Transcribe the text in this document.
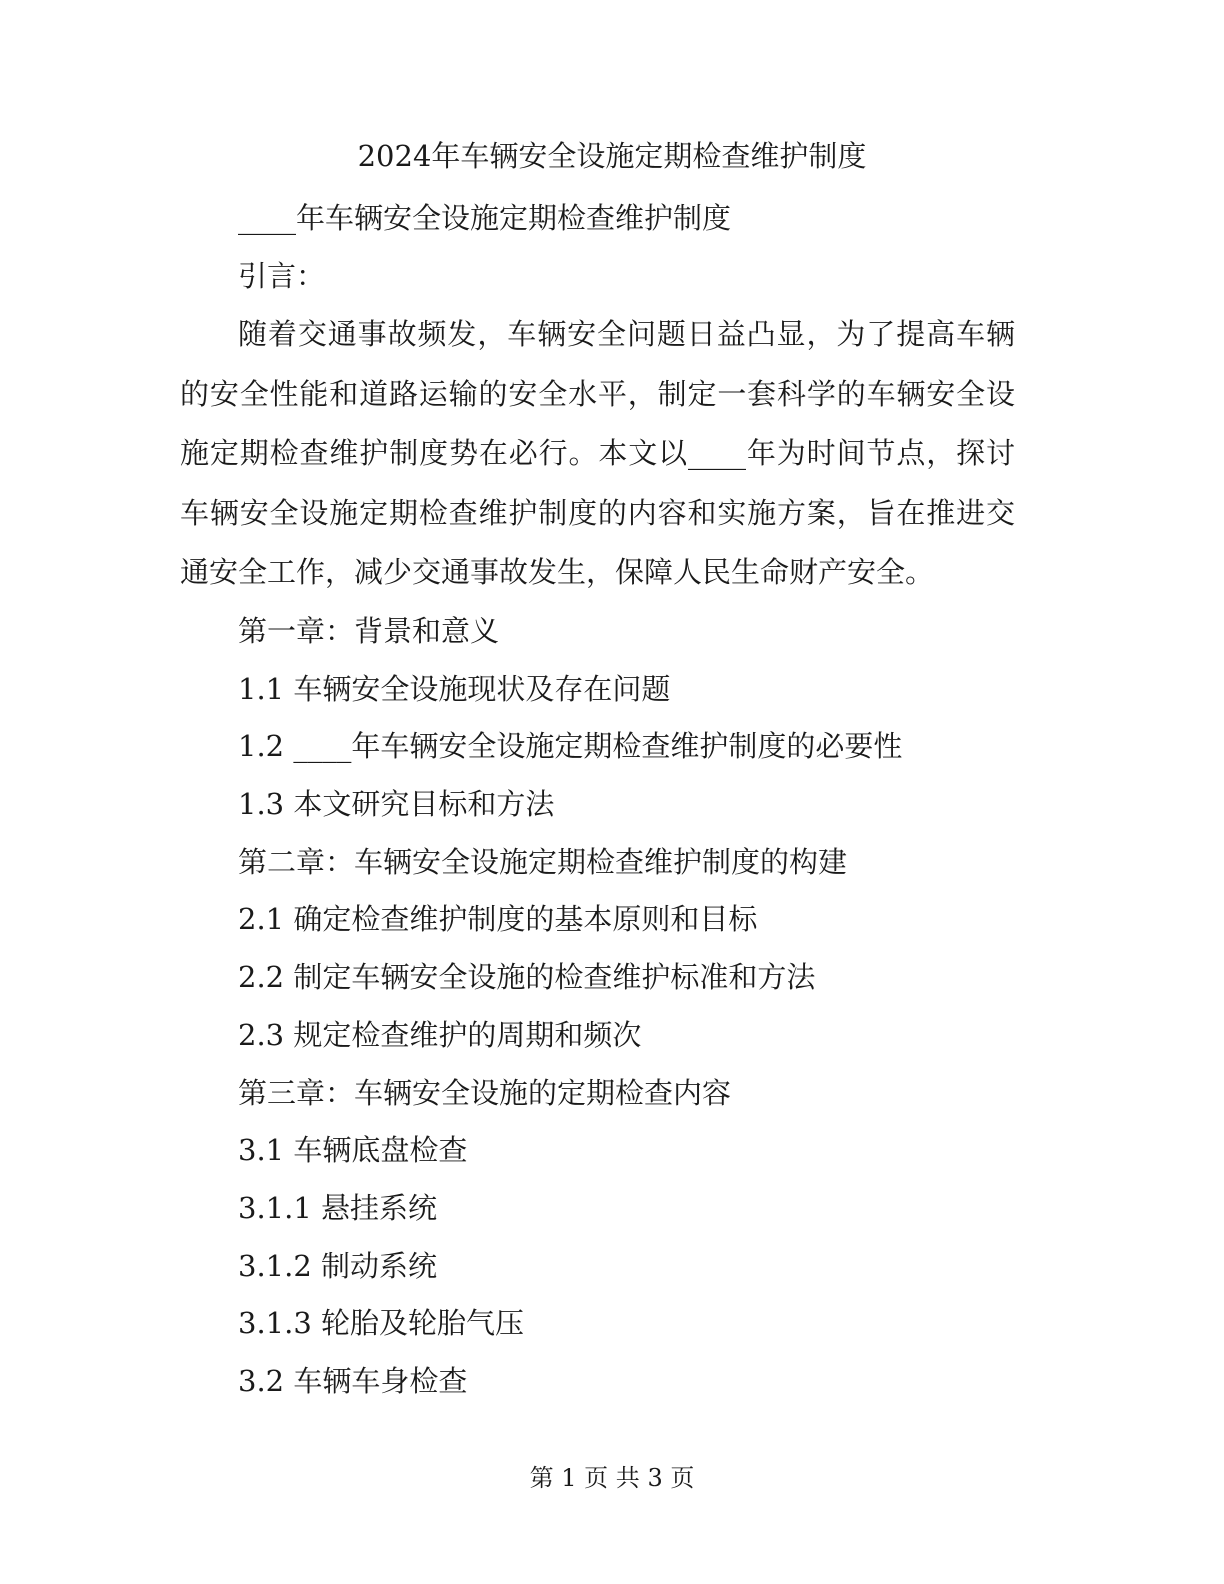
2024年车辆安全设施定期检查维护制度
____年车辆安全设施定期检查维护制度
引言：
随着交通事故频发，车辆安全问题日益凸显，为了提高车辆的安全性能和道路运输的安全水平，制定一套科学的车辆安全设施定期检查维护制度势在必行。本文以____年为时间节点，探讨车辆安全设施定期检查维护制度的内容和实施方案，旨在推进交通安全工作，减少交通事故发生，保障人民生命财产安全。
第一章：背景和意义
1.1 车辆安全设施现状及存在问题
1.2 ____年车辆安全设施定期检查维护制度的必要性
1.3 本文研究目标和方法
第二章：车辆安全设施定期检查维护制度的构建
2.1 确定检查维护制度的基本原则和目标
2.2 制定车辆安全设施的检查维护标准和方法
2.3 规定检查维护的周期和频次
第三章：车辆安全设施的定期检查内容
3.1 车辆底盘检查
3.1.1 悬挂系统
3.1.2 制动系统
3.1.3 轮胎及轮胎气压
3.2 车辆车身检查
第 1 页 共 3 页
